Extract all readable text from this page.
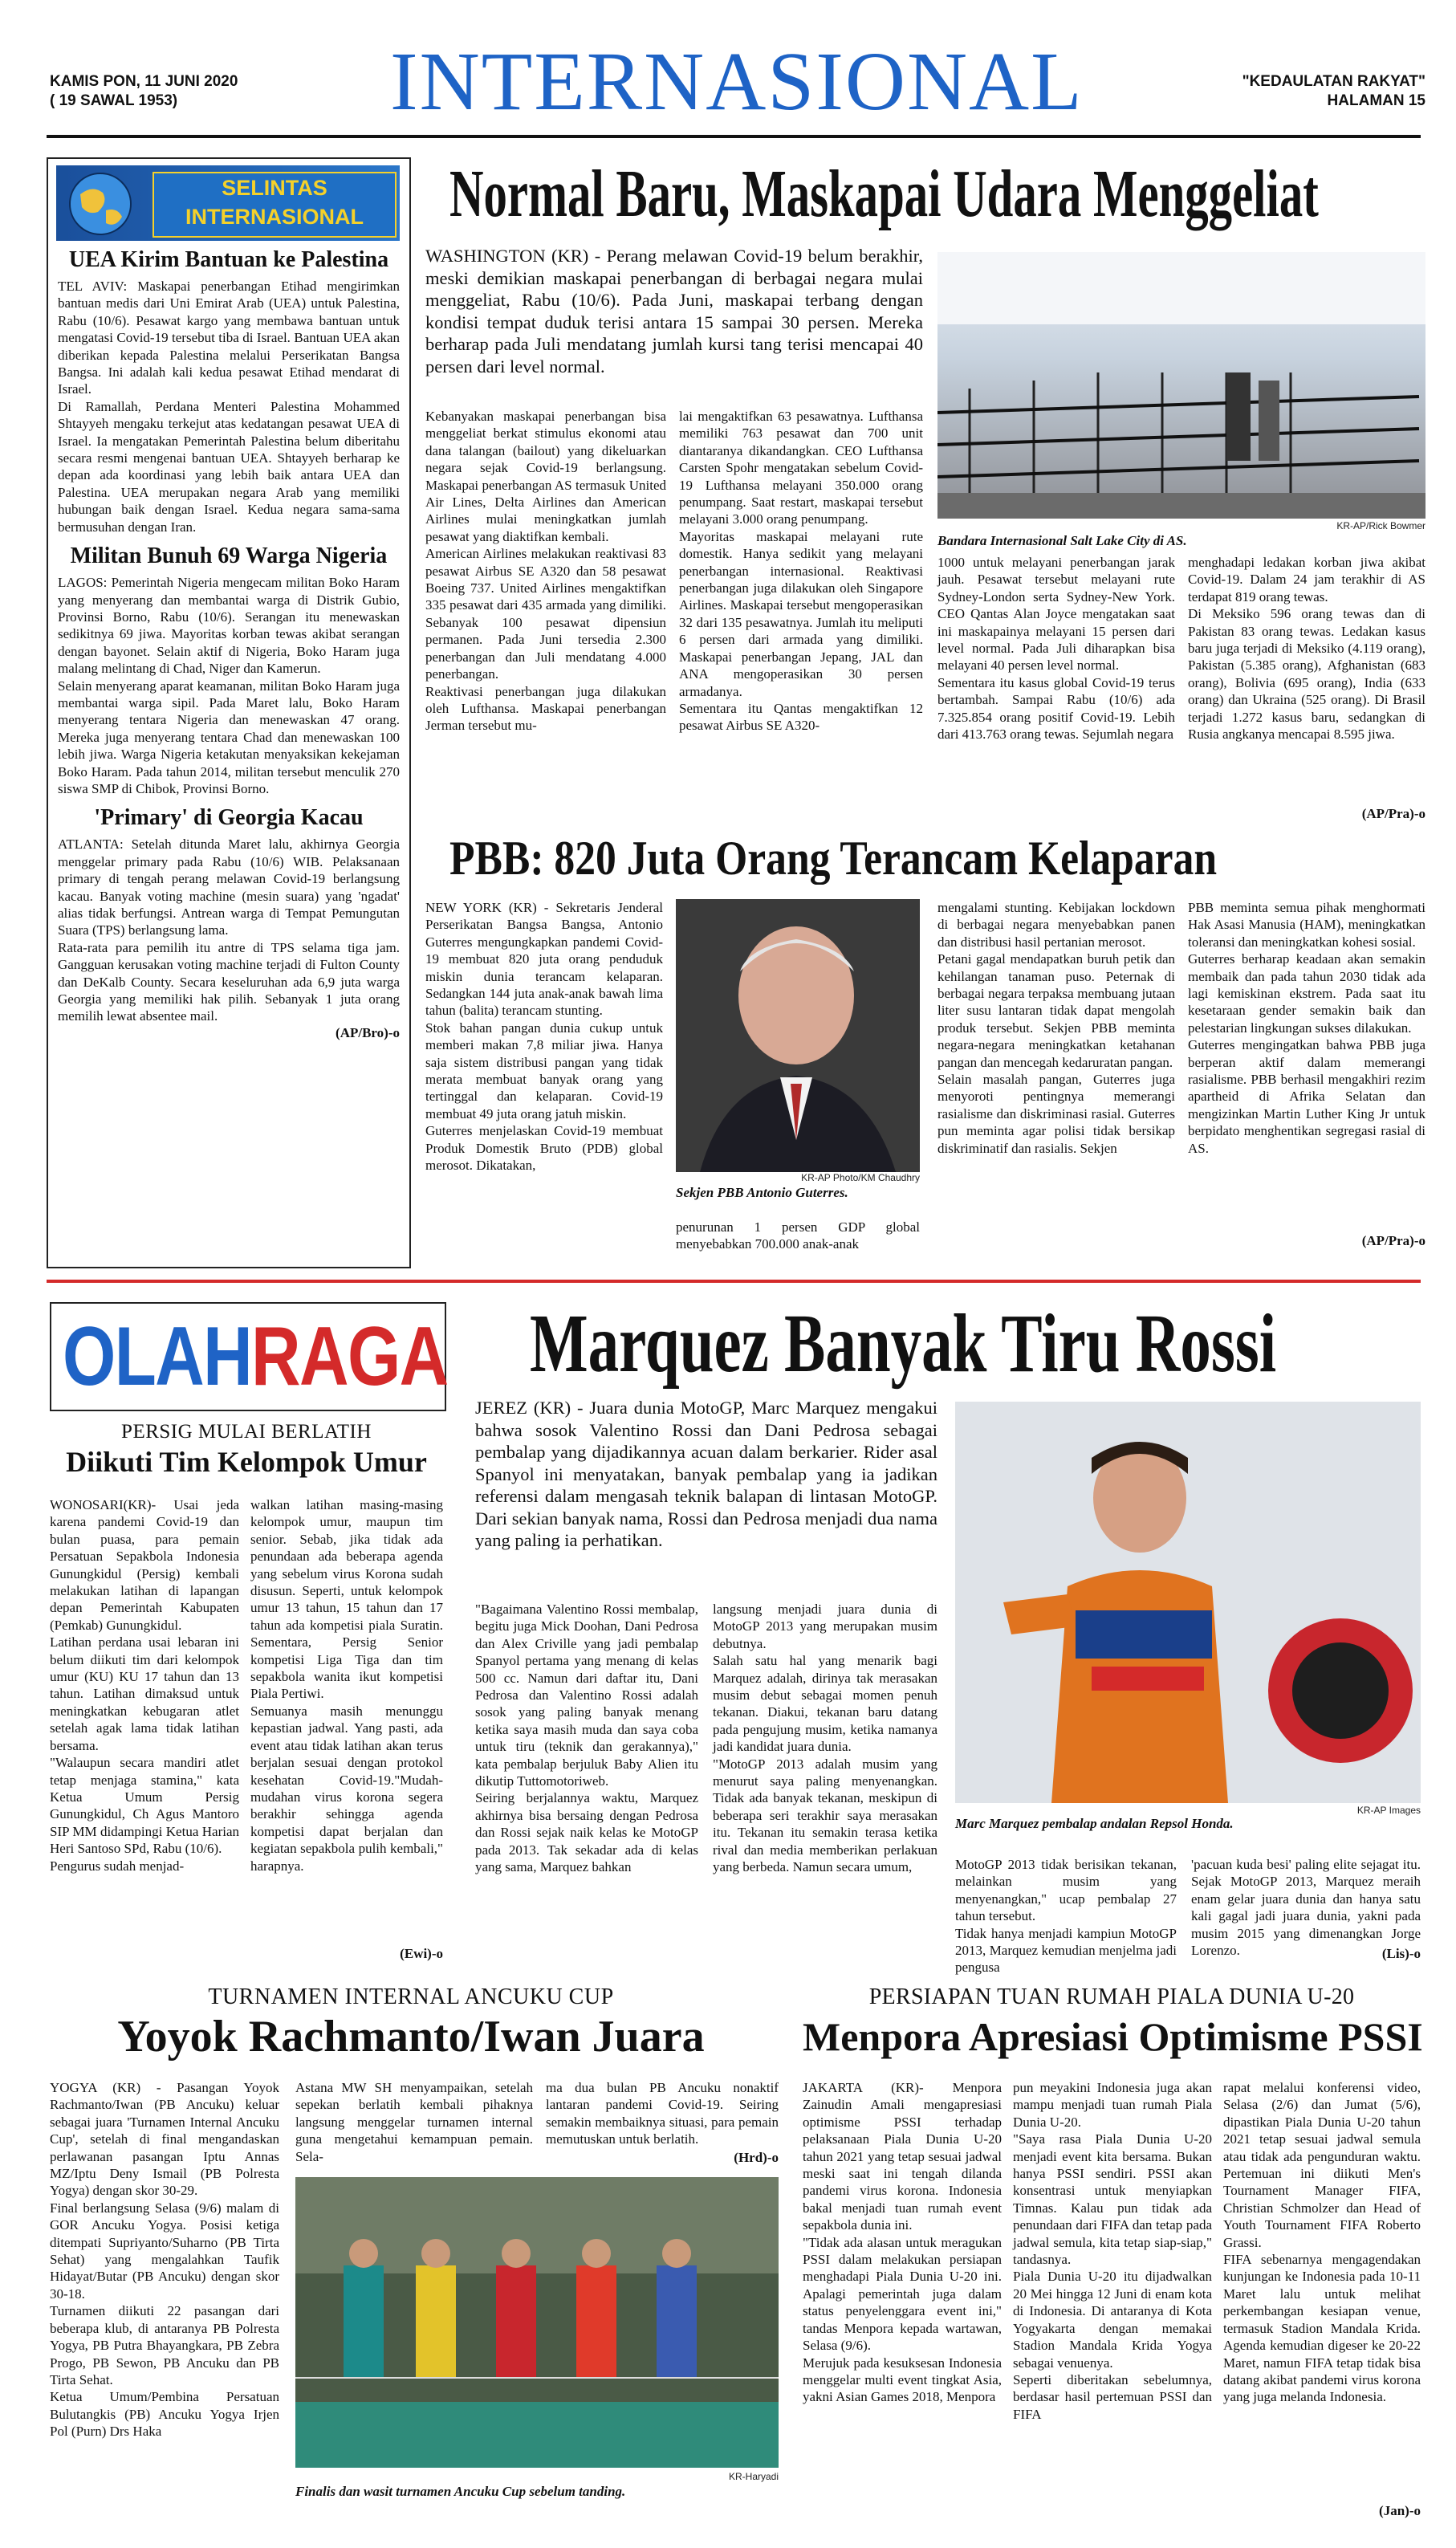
KAMIS PON, 11 JUNI 2020
( 19 SAWAL 1953)	INTERNASIONAL	"KEDAULATAN RAKYAT"
HALAMAN 15
SELINTAS
INTERNASIONAL
UEA Kirim Bantuan ke Palestina
TEL AVIV: Maskapai penerbangan Etihad mengirimkan bantuan medis dari Uni Emirat Arab (UEA) untuk Palestina, Rabu (10/6). Pesawat kargo yang membawa bantuan untuk mengatasi Covid-19 tersebut tiba di Israel. Bantuan UEA akan diberikan kepada Palestina melalui Perserikatan Bangsa Bangsa. Ini adalah kali kedua pesawat Etihad mendarat di Israel.
Di Ramallah, Perdana Menteri Palestina Mohammed Shtayyeh mengaku terkejut atas kedatangan pesawat UEA di Israel. Ia mengatakan Pemerintah Palestina belum diberitahu secara resmi mengenai bantuan UEA. Shtayyeh berharap ke depan ada koordinasi yang lebih baik antara UEA dan Palestina. UEA merupakan negara Arab yang memiliki hubungan baik dengan Israel. Kedua negara sama-sama bermusuhan dengan Iran.
Militan Bunuh 69 Warga Nigeria
LAGOS: Pemerintah Nigeria mengecam militan Boko Haram yang menyerang dan membantai warga di Distrik Gubio, Provinsi Borno, Rabu (10/6). Serangan itu menewaskan sedikitnya 69 jiwa. Mayoritas korban tewas akibat serangan dengan bayonet. Selain aktif di Nigeria, Boko Haram juga malang melintang di Chad, Niger dan Kamerun.
Selain menyerang aparat keamanan, militan Boko Haram juga membantai warga sipil. Pada Maret lalu, Boko Haram menyerang tentara Nigeria dan menewaskan 47 orang. Mereka juga menyerang tentara Chad dan menewaskan 100 lebih jiwa. Warga Nigeria ketakutan menyaksikan kekejaman Boko Haram. Pada tahun 2014, militan tersebut menculik 270 siswa SMP di Chibok, Provinsi Borno.
'Primary' di Georgia Kacau
ATLANTA: Setelah ditunda Maret lalu, akhirnya Georgia menggelar primary pada Rabu (10/6) WIB. Pelaksanaan primary di tengah perang melawan Covid-19 berlangsung kacau. Banyak voting machine (mesin suara) yang 'ngadat' alias tidak berfungsi. Antrean warga di Tempat Pemungutan Suara (TPS) berlangsung lama.
Rata-rata para pemilih itu antre di TPS selama tiga jam. Gangguan kerusakan voting machine terjadi di Fulton County dan DeKalb County. Secara keseluruhan ada 6,9 juta warga Georgia yang memiliki hak pilih. Sebanyak 1 juta orang memilih lewat absentee mail.
(AP/Bro)-o
Normal Baru, Maskapai Udara Menggeliat
WASHINGTON (KR) - Perang melawan Covid-19 belum berakhir, meski demikian maskapai penerbangan di berbagai negara mulai menggeliat, Rabu (10/6). Pada Juni, maskapai terbang dengan kondisi tempat duduk terisi antara 15 sampai 30 persen. Mereka berharap pada Juli mendatang jumlah kursi tang terisi mencapai 40 persen dari level normal.
Kebanyakan maskapai penerbangan bisa menggeliat berkat stimulus ekonomi atau dana talangan (bailout) yang dikeluarkan negara sejak Covid-19 berlangsung. Maskapai penerbangan AS termasuk United Air Lines, Delta Airlines dan American Airlines mulai meningkatkan jumlah pesawat yang diaktifkan kembali.
American Airlines melakukan reaktivasi 83 pesawat Airbus SE A320 dan 58 pesawat Boeing 737. United Airlines mengaktifkan 335 pesawat dari 435 armada yang dimiliki. Sebanyak 100 pesawat dipensiun permanen. Pada Juni tersedia 2.300 penerbangan dan Juli mendatang 4.000 penerbangan.
Reaktivasi penerbangan juga dilakukan oleh Lufthansa. Maskapai penerbangan Jerman tersebut mu-
lai mengaktifkan 63 pesawatnya. Lufthansa memiliki 763 pesawat dan 700 unit diantaranya dikandangkan. CEO Lufthansa Carsten Spohr mengatakan sebelum Covid-19 Lufthansa melayani 350.000 orang penumpang. Saat restart, maskapai tersebut melayani 3.000 orang penumpang.
Mayoritas maskapai melayani rute domestik. Hanya sedikit yang melayani penerbangan internasional. Reaktivasi penerbangan juga dilakukan oleh Singapore Airlines. Maskapai tersebut mengoperasikan 32 dari 135 pesawatnya. Jumlah itu meliputi 6 persen dari armada yang dimiliki. Maskapai penerbangan Jepang, JAL dan ANA mengoperasikan 30 persen armadanya.
Sementara itu Qantas mengaktifkan 12 pesawat Airbus SE A320-
KR-AP/Rick Bowmer
Bandara Internasional Salt Lake City di AS.
1000 untuk melayani penerbangan jarak jauh. Pesawat tersebut melayani rute Sydney-London serta Sydney-New York. CEO Qantas Alan Joyce mengatakan saat ini maskapainya melayani 15 persen dari level normal. Pada Juli diharapkan bisa melayani 40 persen level normal.
Sementara itu kasus global Covid-19 terus bertambah. Sampai Rabu (10/6) ada 7.325.854 orang positif Covid-19. Lebih dari 413.763 orang tewas. Sejumlah negara
menghadapi ledakan korban jiwa akibat Covid-19. Dalam 24 jam terakhir di AS terdapat 819 orang tewas.
Di Meksiko 596 orang tewas dan di Pakistan 83 orang tewas. Ledakan kasus baru juga terjadi di Meksiko (4.119 orang), Pakistan (5.385 orang), Afghanistan (683 orang), Bolivia (695 orang), India (633 orang) dan Ukraina (525 orang). Di Brasil terjadi 1.272 kasus baru, sedangkan di Rusia angkanya mencapai 8.595 jiwa.
(AP/Pra)-o
PBB: 820 Juta Orang Terancam Kelaparan
NEW YORK (KR) - Sekretaris Jenderal Perserikatan Bangsa Bangsa, Antonio Guterres mengungkapkan pandemi Covid-19 membuat 820 juta orang penduduk miskin dunia terancam kelaparan. Sedangkan 144 juta anak-anak bawah lima tahun (balita) terancam stunting.
Stok bahan pangan dunia cukup untuk memberi makan 7,8 miliar jiwa. Hanya saja sistem distribusi pangan yang tidak merata membuat banyak orang yang tertinggal dan kelaparan. Covid-19 membuat 49 juta orang jatuh miskin.
Guterres menjelaskan Covid-19 membuat Produk Domestik Bruto (PDB) global merosot. Dikatakan,
KR-AP Photo/KM Chaudhry
Sekjen PBB Antonio Guterres.
penurunan 1 persen GDP global menyebabkan 700.000 anak-anak
mengalami stunting. Kebijakan lockdown di berbagai negara menyebabkan panen dan distribusi hasil pertanian merosot.
Petani gagal mendapatkan buruh petik dan kehilangan tanaman puso. Peternak di berbagai negara terpaksa membuang jutaan liter susu lantaran tidak dapat mengolah produk tersebut. Sekjen PBB meminta negara-negara meningkatkan ketahanan pangan dan mencegah kedaruratan pangan.
Selain masalah pangan, Guterres juga menyoroti pentingnya memerangi rasialisme dan diskriminasi rasial. Guterres pun meminta agar polisi tidak bersikap diskriminatif dan rasialis. Sekjen
PBB meminta semua pihak menghormati Hak Asasi Manusia (HAM), meningkatkan toleransi dan meningkatkan kohesi sosial.
Guterres berharap keadaan akan semakin membaik dan pada tahun 2030 tidak ada lagi kemiskinan ekstrem. Pada saat itu kesetaraan gender semakin baik dan pelestarian lingkungan sukses dilakukan.
Guterres mengingatkan bahwa PBB juga berperan aktif dalam memerangi rasialisme. PBB berhasil mengakhiri rezim apartheid di Afrika Selatan dan mengizinkan Martin Luther King Jr untuk berpidato menghentikan segregasi rasial di AS.
(AP/Pra)-o
OLAHRAGA
PERSIG MULAI BERLATIH
Diikuti Tim Kelompok Umur
WONOSARI(KR)- Usai jeda karena pandemi Covid-19 dan bulan puasa, para pemain Persatuan Sepakbola Indonesia Gunungkidul (Persig) kembali melakukan latihan di lapangan depan Pemerintah Kabupaten (Pemkab) Gunungkidul.
Latihan perdana usai lebaran ini belum diikuti tim dari kelompok umur (KU) KU 17 tahun dan 13 tahun. Latihan dimaksud untuk meningkatkan kebugaran atlet setelah agak lama tidak latihan bersama.
"Walaupun secara mandiri atlet tetap menjaga stamina," kata Ketua Umum Persig Gunungkidul, Ch Agus Mantoro SIP MM didampingi Ketua Harian Heri Santoso SPd, Rabu (10/6).
Pengurus sudah menjad-
walkan latihan masing-masing kelompok umur, maupun tim senior. Sebab, jika tidak ada penundaan ada beberapa agenda yang sebelum virus Korona sudah disusun. Seperti, untuk kelompok umur 13 tahun, 15 tahun dan 17 tahun ada kompetisi piala Suratin. Sementara, Persig Senior kompetisi Liga Tiga dan tim sepakbola wanita ikut kompetisi Piala Pertiwi.
Semuanya masih menunggu kepastian jadwal. Yang pasti, ada event atau tidak latihan akan terus berjalan sesuai dengan protokol kesehatan Covid-19."Mudah-mudahan virus korona segera berakhir sehingga agenda kompetisi dapat berjalan dan kegiatan sepakbola pulih kembali," harapnya.
(Ewi)-o
Marquez Banyak Tiru Rossi
JEREZ (KR) - Juara dunia MotoGP, Marc Marquez mengakui bahwa sosok Valentino Rossi dan Dani Pedrosa sebagai pembalap yang dijadikannya acuan dalam berkarier. Rider asal Spanyol ini menyatakan, banyak pembalap yang ia jadikan referensi dalam mengasah teknik balapan di lintasan MotoGP. Dari sekian banyak nama, Rossi dan Pedrosa menjadi dua nama yang paling ia perhatikan.
"Bagaimana Valentino Rossi membalap, begitu juga Mick Doohan, Dani Pedrosa dan Alex Criville yang jadi pembalap Spanyol pertama yang menang di kelas 500 cc. Namun dari daftar itu, Dani Pedrosa dan Valentino Rossi adalah sosok yang paling banyak menang ketika saya masih muda dan saya coba untuk tiru (teknik dan gerakannya)," kata pembalap berjuluk Baby Alien itu dikutip Tuttomotoriweb.
Seiring berjalannya waktu, Marquez akhirnya bisa bersaing dengan Pedrosa dan Rossi sejak naik kelas ke MotoGP pada 2013. Tak sekadar ada di kelas yang sama, Marquez bahkan
langsung menjadi juara dunia di MotoGP 2013 yang merupakan musim debutnya.
Salah satu hal yang menarik bagi Marquez adalah, dirinya tak merasakan musim debut sebagai momen penuh tekanan. Diakui, tekanan baru datang pada pengujung musim, ketika namanya jadi kandidat juara dunia.
"MotoGP 2013 adalah musim yang menurut saya paling menyenangkan. Tidak ada banyak tekanan, meskipun di beberapa seri terakhir saya merasakan itu. Tekanan itu semakin terasa ketika rival dan media memberikan perlakuan yang berbeda. Namun secara umum,
KR-AP Images
Marc Marquez pembalap andalan Repsol Honda.
MotoGP 2013 tidak berisikan tekanan, melainkan musim yang menyenangkan," ucap pembalap 27 tahun tersebut.
Tidak hanya menjadi kampiun MotoGP 2013, Marquez kemudian menjelma jadi pengusa
'pacuan kuda besi' paling elite sejagat itu. Sejak MotoGP 2013, Marquez meraih enam gelar juara dunia dan hanya satu kali gagal jadi juara dunia, yakni pada musim 2015 yang dimenangkan Jorge Lorenzo.	(Lis)-o
TURNAMEN INTERNAL ANCUKU CUP
Yoyok Rachmanto/Iwan Juara
YOGYA (KR) - Pasangan Yoyok Rachmanto/Iwan (PB Ancuku) keluar sebagai juara 'Turnamen Internal Ancuku Cup', setelah di final mengandaskan perlawanan pasangan Iptu Annas MZ/Iptu Deny Ismail (PB Polresta Yogya) dengan skor 30-29.
Final berlangsung Selasa (9/6) malam di GOR Ancuku Yogya. Posisi ketiga ditempati Supriyanto/Suharno (PB Tirta Sehat) yang mengalahkan Taufik Hidayat/Butar (PB Ancuku) dengan skor 30-18.
Turnamen diikuti 22 pasangan dari beberapa klub, di antaranya PB Polresta Yogya, PB Putra Bhayangkara, PB Zebra Progo, PB Sewon, PB Ancuku dan PB Tirta Sehat.
Ketua Umum/Pembina Persatuan Bulutangkis (PB) Ancuku Yogya Irjen Pol (Purn) Drs Haka
Astana MW SH menyampaikan, setelah sepekan berlatih kembali pihaknya langsung menggelar turnamen internal guna mengetahui kemampuan pemain. Sela-
ma dua bulan PB Ancuku nonaktif lantaran pandemi Covid-19. Seiring semakin membaiknya situasi, para pemain memutuskan untuk berlatih.
(Hrd)-o
KR-Haryadi
Finalis dan wasit turnamen Ancuku Cup sebelum tanding.
PERSIAPAN TUAN RUMAH PIALA DUNIA U-20
Menpora Apresiasi Optimisme PSSI
JAKARTA (KR)- Menpora Zainudin Amali mengapresiasi optimisme PSSI terhadap pelaksanaan Piala Dunia U-20 tahun 2021 yang tetap sesuai jadwal meski saat ini tengah dilanda pandemi virus korona. Indonesia bakal menjadi tuan rumah event sepakbola dunia ini.
"Tidak ada alasan untuk meragukan PSSI dalam melakukan persiapan menghadapi Piala Dunia U-20 ini. Apalagi pemerintah juga dalam status penyelenggara event ini," tandas Menpora kepada wartawan, Selasa (9/6).
Merujuk pada kesuksesan Indonesia menggelar multi event tingkat Asia, yakni Asian Games 2018, Menpora
pun meyakini Indonesia juga akan mampu menjadi tuan rumah Piala Dunia U-20.
"Saya rasa Piala Dunia U-20 menjadi event kita bersama. Bukan hanya PSSI sendiri. PSSI akan konsentrasi untuk menyiapkan Timnas. Kalau pun tidak ada penundaan dari FIFA dan tetap pada jadwal semula, kita tetap siap-siap," tandasnya.
Piala Dunia U-20 itu dijadwalkan 20 Mei hingga 12 Juni di enam kota di Indonesia. Di antaranya di Kota Yogyakarta dengan memakai Stadion Mandala Krida Yogya sebagai venuenya.
Seperti diberitakan sebelumnya, berdasar hasil pertemuan PSSI dan FIFA
rapat melalui konferensi video, Selasa (2/6) dan Jumat (5/6), dipastikan Piala Dunia U-20 tahun 2021 tetap sesuai jadwal semula atau tidak ada pengunduran waktu. Pertemuan ini diikuti Men's Tournament Manager FIFA, Christian Schmolzer dan Head of Youth Tournament FIFA Roberto Grassi.
FIFA sebenarnya mengagendakan kunjungan ke Indonesia pada 10-11 Maret lalu untuk melihat perkembangan kesiapan venue, termasuk Stadion Mandala Krida. Agenda kemudian digeser ke 20-22 Maret, namun FIFA tetap tidak bisa datang akibat pandemi virus korona yang juga melanda Indonesia.
(Jan)-o
